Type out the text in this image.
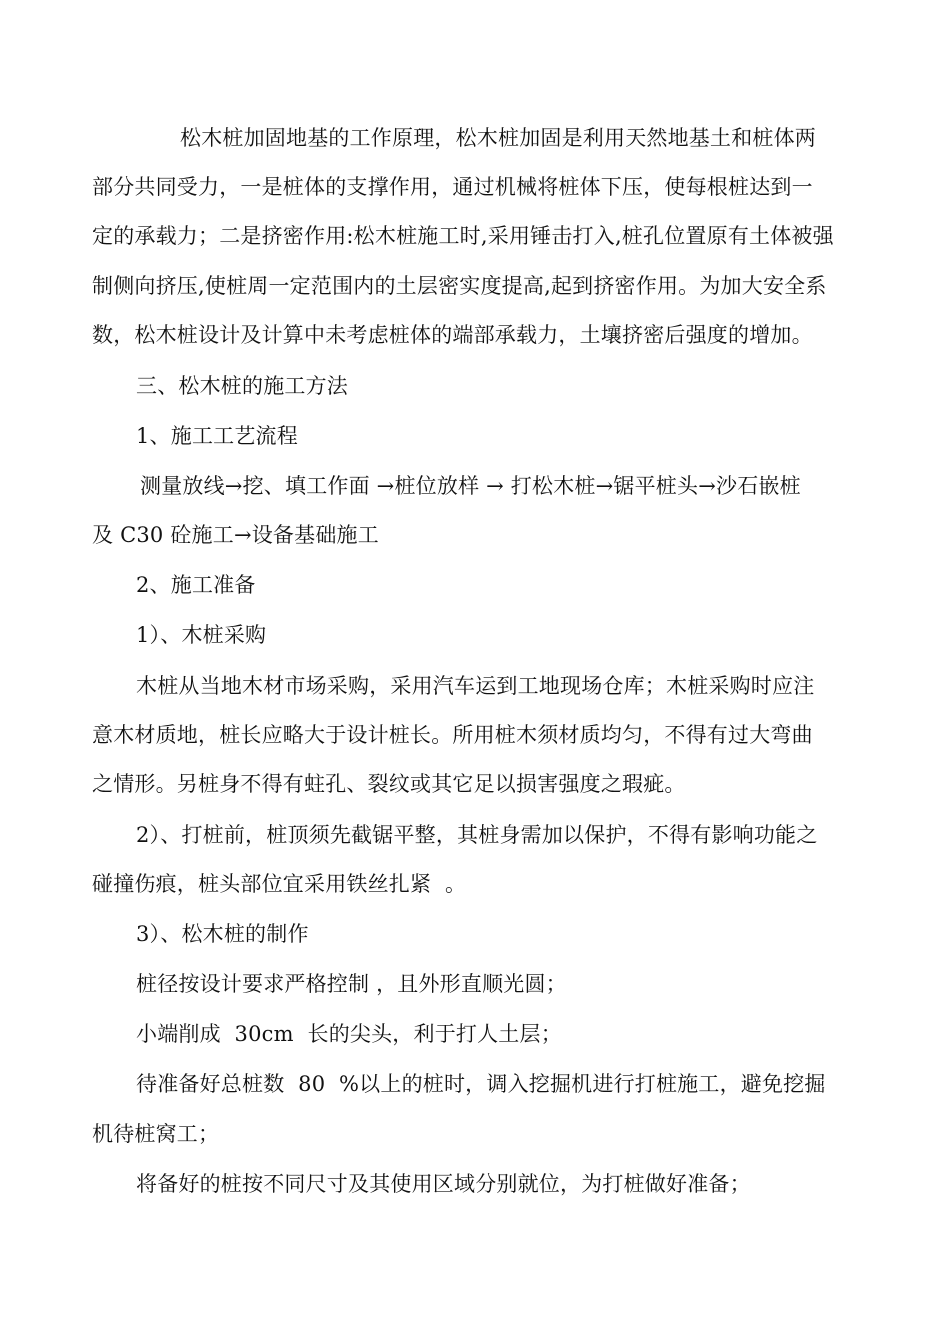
松木桩加固地基的工作原理，松木桩加固是利用天然地基土和桩体两
部分共同受力，一是桩体的支撑作用，通过机械将桩体下压，使每根桩达到一
定的承载力；二是挤密作用:松木桩施工时,采用锤击打入,桩孔位置原有土体被强
制侧向挤压,使桩周一定范围内的土层密实度提高,起到挤密作用。为加大安全系
数，松木桩设计及计算中未考虑桩体的端部承载力，土壤挤密后强度的增加。
三、松木桩的施工方法
1、施工工艺流程
测量放线→挖、填工作面 →桩位放样 → 打松木桩→锯平桩头→沙石嵌桩
及 C30 砼施工→设备基础施工
2、施工准备
1）、木桩采购
木桩从当地木材市场采购，采用汽车运到工地现场仓库；木桩采购时应注
意木材质地，桩长应略大于设计桩长。所用桩木须材质均匀，不得有过大弯曲
之情形。另桩身不得有蛀孔、裂纹或其它足以损害强度之瑕疵。
2）、打桩前，桩顶须先截锯平整，其桩身需加以保护，不得有影响功能之
碰撞伤痕，桩头部位宜采用铁丝扎紧  。
3）、松木桩的制作
桩径按设计要求严格控制 ，且外形直顺光圆；
小端削成  30cm  长的尖头，利于打人土层；
待准备好总桩数  80  %以上的桩时，调入挖掘机进行打桩施工，避免挖掘
机待桩窝工；
将备好的桩按不同尺寸及其使用区域分别就位，为打桩做好准备；
